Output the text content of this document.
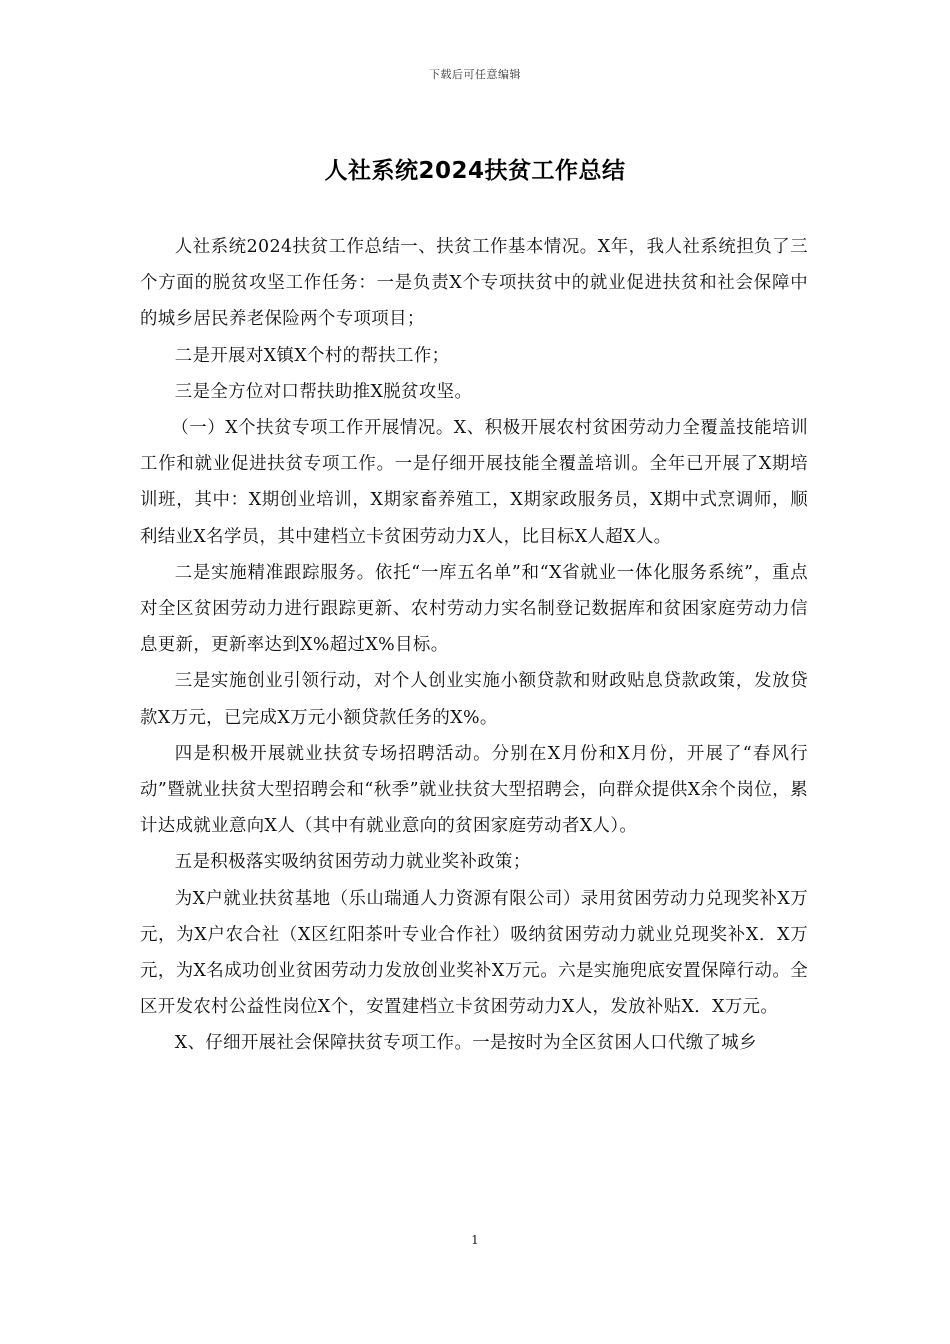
下载后可任意编辑
人社系统2024扶贫工作总结

人社系统2024扶贫工作总结一、扶贫工作基本情况。X年，我人社系统担负了三个方面的脱贫攻坚工作任务：一是负责X个专项扶贫中的就业促进扶贫和社会保障中的城乡居民养老保险两个专项项目；

二是开展对X镇X个村的帮扶工作；

三是全方位对口帮扶助推X脱贫攻坚。

（一）X个扶贫专项工作开展情况。X、积极开展农村贫困劳动力全覆盖技能培训工作和就业促进扶贫专项工作。一是仔细开展技能全覆盖培训。全年已开展了X期培训班，其中：X期创业培训，X期家畜养殖工，X期家政服务员，X期中式烹调师，顺利结业X名学员，其中建档立卡贫困劳动力X人，比目标X人超X人。

二是实施精准跟踪服务。依托“一库五名单”和“X省就业一体化服务系统”，重点对全区贫困劳动力进行跟踪更新、农村劳动力实名制登记数据库和贫困家庭劳动力信息更新，更新率达到X%超过X%目标。

三是实施创业引领行动，对个人创业实施小额贷款和财政贴息贷款政策，发放贷款X万元，已完成X万元小额贷款任务的X%。

四是积极开展就业扶贫专场招聘活动。分别在X月份和X月份，开展了“春风行动”暨就业扶贫大型招聘会和“秋季”就业扶贫大型招聘会，向群众提供X余个岗位，累计达成就业意向X人（其中有就业意向的贫困家庭劳动者X人）。

五是积极落实吸纳贫困劳动力就业奖补政策；

为X户就业扶贫基地（乐山瑞通人力资源有限公司）录用贫困劳动力兑现奖补X万元，为X户农合社（X区红阳茶叶专业合作社）吸纳贫困劳动力就业兑现奖补X．X万元，为X名成功创业贫困劳动力发放创业奖补X万元。六是实施兜底安置保障行动。全区开发农村公益性岗位X个，安置建档立卡贫困劳动力X人，发放补贴X．X万元。

X、仔细开展社会保障扶贫专项工作。一是按时为全区贫困人口代缴了城乡

1
